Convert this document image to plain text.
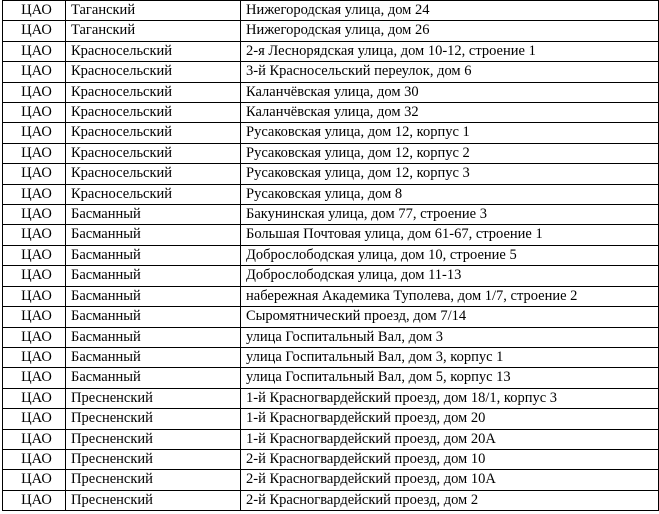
ЦАО	Таганский	Нижегородская улица, дом 24
ЦАО	Таганский	Нижегородская улица, дом 26
ЦАО	Красносельский	2-я Леснорядская улица, дом 10-12, строение 1
ЦАО	Красносельский	3-й Красносельский переулок, дом 6
ЦАО	Красносельский	Каланчёвская улица, дом 30
ЦАО	Красносельский	Каланчёвская улица, дом 32
ЦАО	Красносельский	Русаковская улица, дом 12, корпус 1
ЦАО	Красносельский	Русаковская улица, дом 12, корпус 2
ЦАО	Красносельский	Русаковская улица, дом 12, корпус 3
ЦАО	Красносельский	Русаковская улица, дом 8
ЦАО	Басманный	Бакунинская улица, дом 77, строение 3
ЦАО	Басманный	Большая Почтовая улица, дом 61-67, строение 1
ЦАО	Басманный	Доброслободская улица, дом 10, строение 5
ЦАО	Басманный	Доброслободская улица, дом 11-13
ЦАО	Басманный	набережная Академика Туполева, дом 1/7, строение 2
ЦАО	Басманный	Сыромятнический проезд, дом 7/14
ЦАО	Басманный	улица Госпитальный Вал, дом 3
ЦАО	Басманный	улица Госпитальный Вал, дом 3, корпус 1
ЦАО	Басманный	улица Госпитальный Вал, дом 5, корпус 13
ЦАО	Пресненский	1-й Красногвардейский проезд, дом 18/1, корпус 3
ЦАО	Пресненский	1-й Красногвардейский проезд, дом 20
ЦАО	Пресненский	1-й Красногвардейский проезд, дом 20А
ЦАО	Пресненский	2-й Красногвардейский проезд, дом 10
ЦАО	Пресненский	2-й Красногвардейский проезд, дом 10А
ЦАО	Пресненский	2-й Красногвардейский проезд, дом 2
